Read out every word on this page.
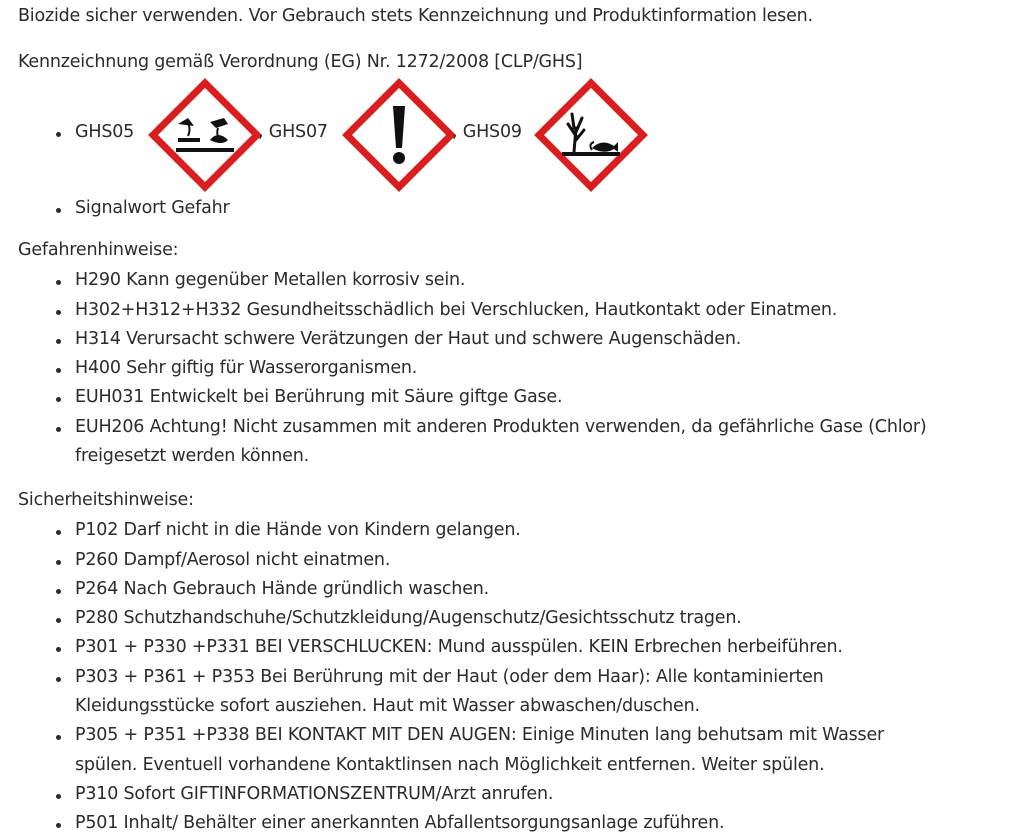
Biozide sicher verwenden. Vor Gebrauch stets Kennzeichnung und Produktinformation lesen.
Kennzeichnung gemäß Verordnung (EG) Nr. 1272/2008 [CLP/GHS]
GHS05	, GHS07	, GHS09
Signalwort Gefahr
Gefahrenhinweise:
H290 Kann gegenüber Metallen korrosiv sein.
H302+H312+H332 Gesundheitsschädlich bei Verschlucken, Hautkontakt oder Einatmen.
H314 Verursacht schwere Verätzungen der Haut und schwere Augenschäden.
H400 Sehr giftig für Wasserorganismen.
EUH031 Entwickelt bei Berührung mit Säure giftge Gase.
EUH206 Achtung! Nicht zusammen mit anderen Produkten verwenden, da gefährliche Gase (Chlor)
freigesetzt werden können.
Sicherheitshinweise:
P102 Darf nicht in die Hände von Kindern gelangen.
P260 Dampf/Aerosol nicht einatmen.
P264 Nach Gebrauch Hände gründlich waschen.
P280 Schutzhandschuhe/Schutzkleidung/Augenschutz/Gesichtsschutz tragen.
P301 + P330 +P331 BEI VERSCHLUCKEN: Mund ausspülen. KEIN Erbrechen herbeiführen.
P303 + P361 + P353 Bei Berührung mit der Haut (oder dem Haar): Alle kontaminierten
Kleidungsstücke sofort ausziehen. Haut mit Wasser abwaschen/duschen.
P305 + P351 +P338 BEI KONTAKT MIT DEN AUGEN: Einige Minuten lang behutsam mit Wasser
spülen. Eventuell vorhandene Kontaktlinsen nach Möglichkeit entfernen. Weiter spülen.
P310 Sofort GIFTINFORMATIONSZENTRUM/Arzt anrufen.
P501 Inhalt/ Behälter einer anerkannten Abfallentsorgungsanlage zuführen.
